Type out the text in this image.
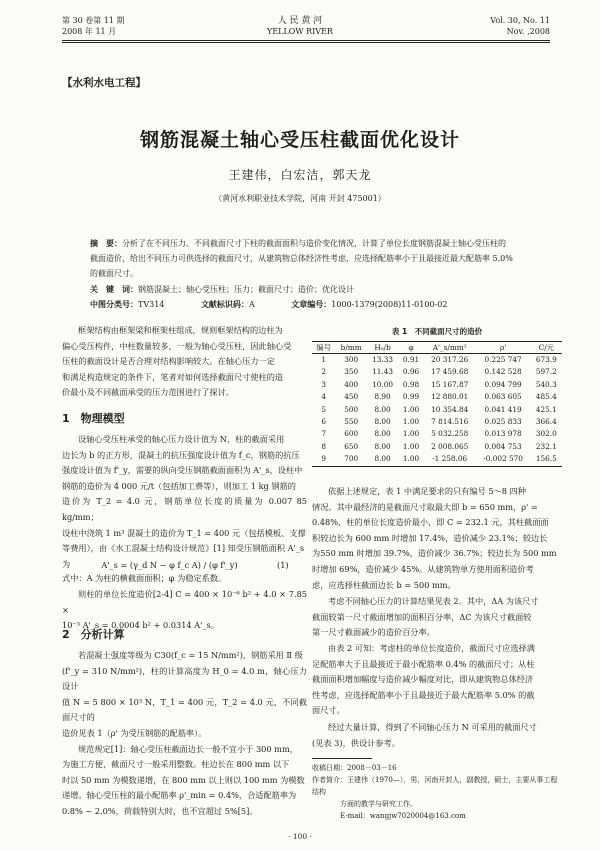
第 30 卷第 11 期
2008 年 11 月
人 民 黄 河
YELLOW RIVER
Vol. 30, No. 11
Nov. ,2008
【水利水电工程】
钢筋混凝土轴心受压柱截面优化设计
王建伟，白宏洁，郭天龙
（黄河水利职业技术学院，河南 开封 475001）
摘　要：分析了在不同压力、不同截面尺寸下柱的截面面积与造价变化情况，计算了单位长度钢筋混凝土轴心受压柱的
截面造价，给出不同压力可供选择的截面尺寸，从建筑物总体经济性考虑，应选择配筋率小于且最接近最大配筋率 5.0%
的截面尺寸。
关　键　词：钢筋混凝土；轴心受压柱；压力；截面尺寸；造价；优化设计
中图分类号：TV314	文献标识码：A	文章编号：1000-1379(2008)11-0100-02
框架结构由框架梁和框架柱组成，规则框架结构的边柱为
偏心受压构件，中柱数量较多，一般为轴心受压柱，因此轴心受
压柱的截面设计是否合理对结构影响较大。在轴心压力一定
和满足构造规定的条件下，笔者对如何选择截面尺寸使柱的造
价最小及不同截面承受的压力范围进行了探讨。
1　物理模型
设轴心受压柱承受的轴心压力设计值为 N，柱的截面采用
边长为 b 的正方形，混凝土的抗压强度设计值为 f_c，钢筋的抗压
强度设计值为 f'_y，需要的纵向受压钢筋截面面积为 A'_s，设柱中
钢筋的造价为 4 000 元/t（包括加工费等），则加工 1 kg 钢筋的
造价为 T_2 = 4.0 元，钢筋单位长度的质量为 0.007 85 kg/mm；
设柱中浇筑 1 m³ 混凝土的造价为 T_1 = 400 元（包括模板、支撑
等费用），由《水工混凝土结构设计规范》[1] 知受压钢筋面积 A'_s
为	A'_s = (γ_d N − φ f_c A) / (φ f'_y)	(1)
式中：A 为柱的横截面面积；φ 为稳定系数。
则柱的单位长度造价[2-4] C = 400 × 10⁻⁶ b² + 4.0 × 7.85 ×
10⁻³ A'_s = 0.0004 b² + 0.0314 A'_s。
2　分析计算
若混凝土强度等级为 C30(f_c = 15 N/mm²)，钢筋采用 Ⅱ 级
(f'_y = 310 N/mm²)，柱的计算高度为 H_0 = 4.0 m，轴心压力设计
值 N = 5 800 × 10³ N，T_1 = 400 元，T_2 = 4.0 元，不同截面尺寸的
造价见表 1（ρ' 为受压钢筋的配筋率）。
规范规定[1]：轴心受压柱截面边长一般不宜小于 300 mm，
为施工方便，截面尺寸一般采用整数。柱边长在 800 mm 以下
时以 50 mm 为模数递增，在 800 mm 以上则以 100 mm 为模数
递增。轴心受压柱的最小配筋率 ρ'_min = 0.4%，合适配筋率为
0.8% ~ 2.0%，荷载特别大时，也不宜超过 5%[5]。
表 1　不同截面尺寸的造价
编号	b/mm	H₀/b	φ	A'_s/mm²	ρ'	C/元
1	300	13.33	0.91	20 317.26	0.225 747	673.9
2	350	11.43	0.96	17 459.68	0.142 528	597.2
3	400	10.00	0.98	15 167.87	0.094 799	540.3
4	450	8.90	0.99	12 880.01	0.063 605	485.4
5	500	8.00	1.00	10 354.84	0.041 419	425.1
6	550	8.00	1.00	7 814.516	0.025 833	366.4
7	600	8.00	1.00	5 032.258	0.013 978	302.0
8	650	8.00	1.00	2 008.065	0.004 753	232.1
9	700	8.00	1.00	-1 258.06	-0.002 570	156.5
依据上述规定，表 1 中满足要求的只有编号 5～8 四种
情况。其中最经济的是截面尺寸取最大即 b = 650 mm，ρ' =
0.48%，柱的单位长度造价最小，即 C = 232.1 元，其柱截面面
积较边长为 600 mm 时增加 17.4%，造价减少 23.1%；较边长
为550 mm 时增加 39.7%，造价减少 36.7%；较边长为 500 mm
时增加 69%，造价减少 45%。从建筑物单方使用面积造价考
虑，应选择柱截面边长 b = 500 mm。
考虑不同轴心压力的计算结果见表 2。其中，ΔA 为该尺寸
截面较第一尺寸截面增加的面积百分率，ΔC 为该尺寸截面较
第一尺寸截面减少的造价百分率。
由表 2 可知：考虑柱的单位长度造价，截面尺寸应选择满
足配筋率大于且最接近于最小配筋率 0.4% 的截面尺寸；从柱
截面面积增加幅度与造价减少幅度对比，即从建筑物总体经济
性考虑，应选择配筋率小于且最接近于最大配筋率 5.0% 的截
面尺寸。
经过大量计算，得到了不同轴心压力 N 可采用的截面尺寸
(见表 3)，供设计参考。
收稿日期：2008－03－16
作者简介：王建伟（1970—），男，河南开封人，副教授，硕士，主要从事工程结构
方面的教学与研究工作。
E-mail：wangjw7020004@163.com
· 100 ·
